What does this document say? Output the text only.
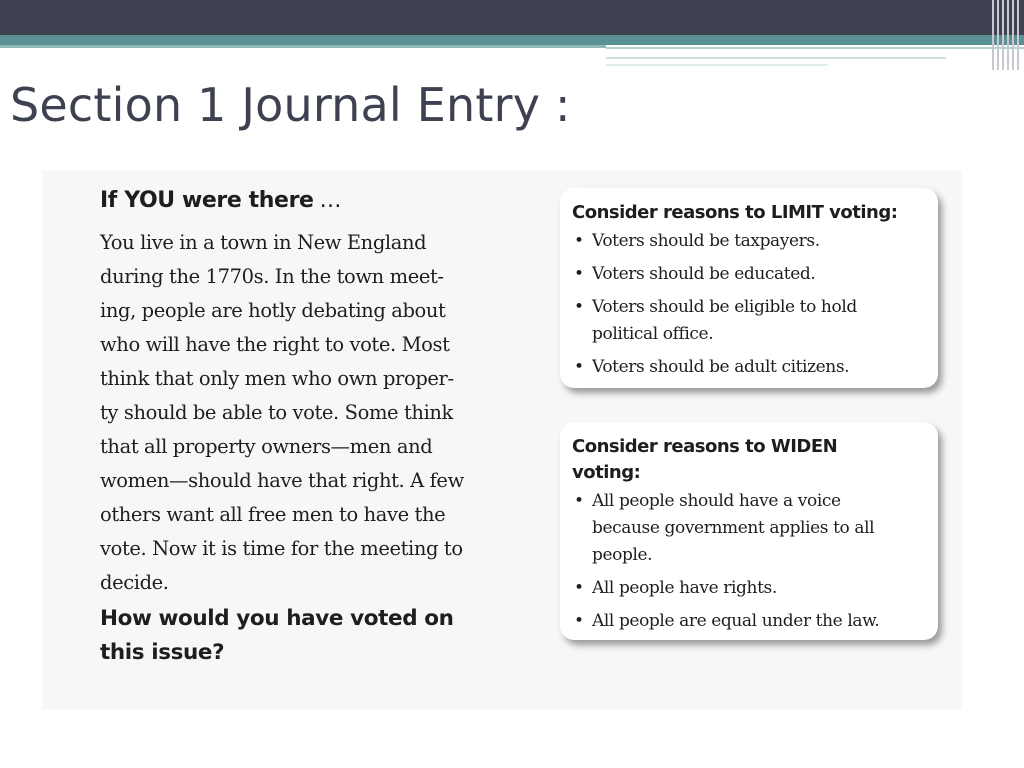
Section 1 Journal Entry :
If YOU were there …

You live in a town in New England
during the 1770s. In the town meet-
ing, people are hotly debating about
who will have the right to vote. Most
think that only men who own proper-
ty should be able to vote. Some think
that all property owners—men and
women—should have that right. A few
others want all free men to have the
vote. Now it is time for the meeting to
decide.

How would you have voted on
this issue?

Consider reasons to LIMIT voting:
• Voters should be taxpayers.
• Voters should be educated.
• Voters should be eligible to hold
political office.
• Voters should be adult citizens.
Consider reasons to WIDEN
voting:
• All people should have a voice
because government applies to all
people.
• All people have rights.
• All people are equal under the law.
